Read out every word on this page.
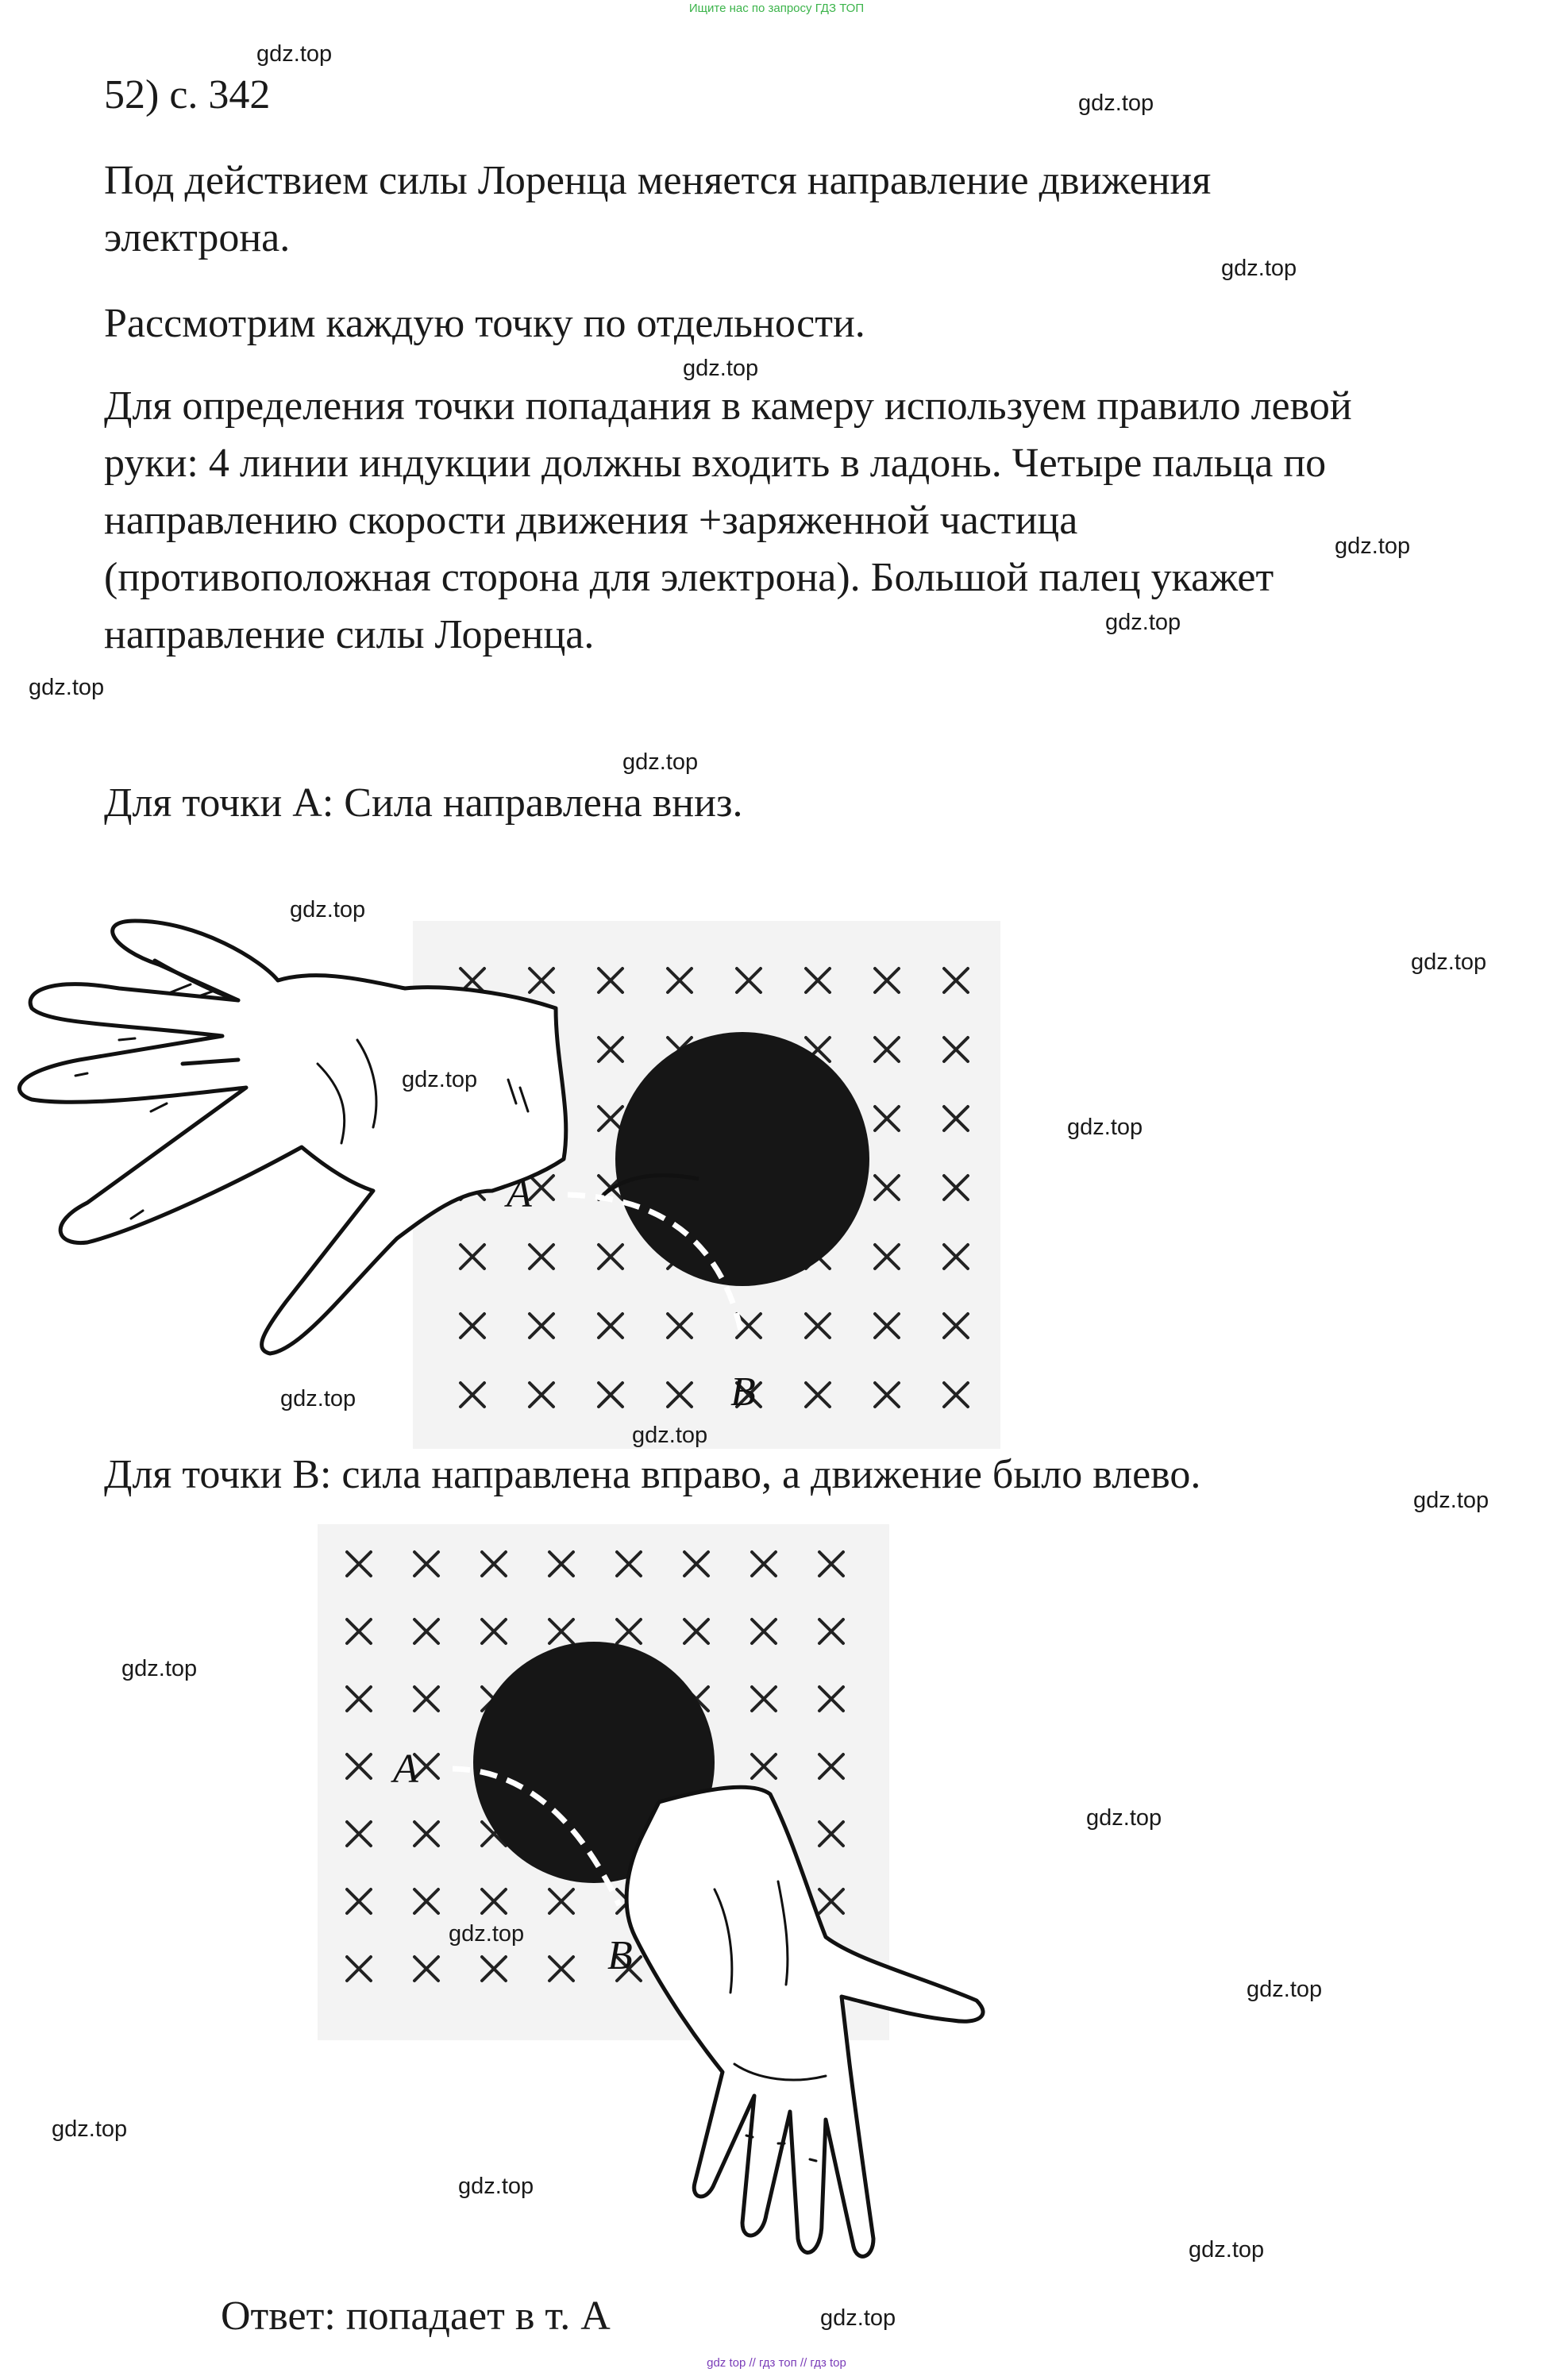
Ищите нас по запросу ГДЗ ТОП
52) с. 342
Под действием силы Лоренца меняется направление движения
электрона.
Рассмотрим каждую точку по отдельности.
Для определения точки попадания в камеру используем правило левой
руки: 4 линии индукции должны входить в ладонь. Четыре пальца по
направлению скорости движения +заряженной частица
(противоположная сторона для электрона). Большой палец укажет
направление силы Лоренца.
Для точки А: Сила направлена вниз.
Для точки В: сила направлена вправо, а движение было влево.
Ответ: попадает в т. А
A
B
A
B
gdz.top
gdz.top
gdz.top
gdz.top
gdz.top
gdz.top
gdz.top
gdz.top
gdz.top
gdz.top
gdz.top
gdz.top
gdz.top
gdz.top
gdz.top
gdz.top
gdz.top
gdz.top
gdz.top
gdz.top
gdz.top
gdz.top
gdz.top
gdz top // гдз топ // гдз top
